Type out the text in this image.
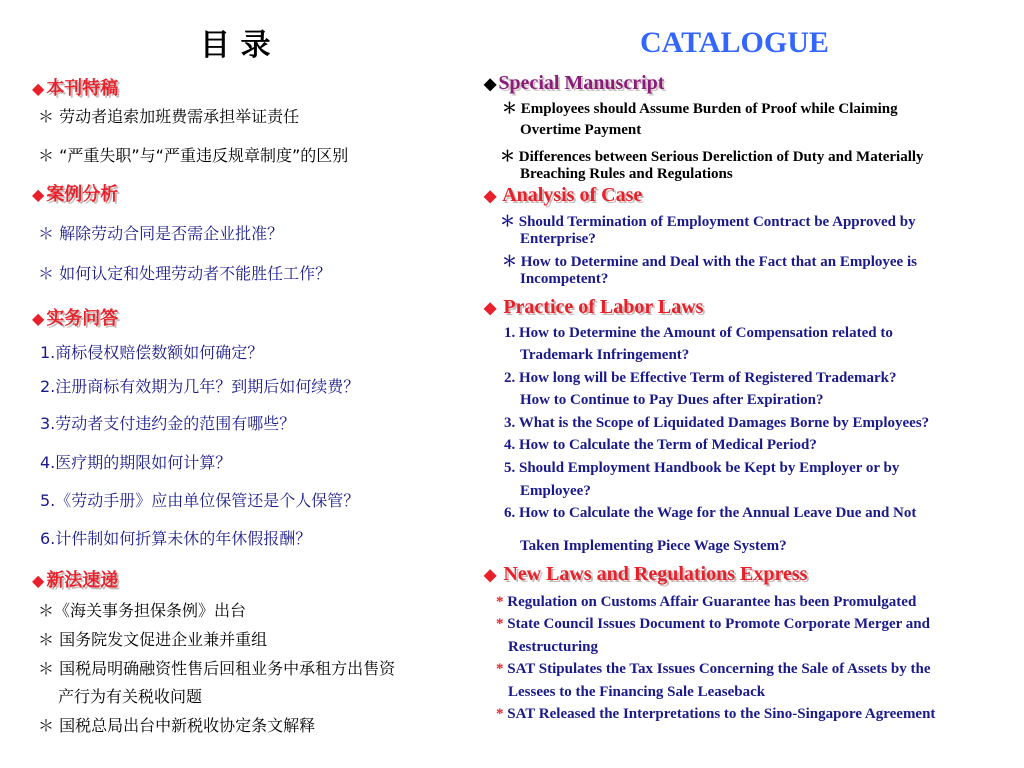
目 录	CATALOGUE
◆ 本刊特稿
＊ 劳动者追索加班费需承担举证责任
＊ “严重失职”与“严重违反规章制度”的区别
◆ 案例分析
＊ 解除劳动合同是否需企业批准？
＊ 如何认定和处理劳动者不能胜任工作？
◆ 实务问答
1.商标侵权赔偿数额如何确定？
2.注册商标有效期为几年？到期后如何续费？
3.劳动者支付违约金的范围有哪些？
4.医疗期的期限如何计算？
5.《劳动手册》应由单位保管还是个人保管？
6.计件制如何折算未休的年休假报酬？
◆ 新法速递
＊《海关事务担保条例》出台
＊ 国务院发文促进企业兼并重组
＊ 国税局明确融资性售后回租业务中承租方出售资
产行为有关税收问题
＊ 国税总局出台中新税收协定条文解释
◆ Special Manuscript
＊ Employees should Assume Burden of Proof while Claiming
Overtime Payment
＊ Differences between Serious Dereliction of Duty and Materially
Breaching Rules and Regulations
◆ Analysis of Case
＊ Should Termination of Employment Contract be Approved by
Enterprise?
＊ How to Determine and Deal with the Fact that an Employee is
Incompetent?
◆ Practice of Labor Laws
1. How to Determine the Amount of Compensation related to
Trademark Infringement?
2. How long will be Effective Term of Registered Trademark?
How to Continue to Pay Dues after Expiration?
3. What is the Scope of Liquidated Damages Borne by Employees?
4. How to Calculate the Term of Medical Period?
5. Should Employment Handbook be Kept by Employer or by
Employee?
6. How to Calculate the Wage for the Annual Leave Due and Not
Taken Implementing Piece Wage System?
◆ New Laws and Regulations Express
* Regulation on Customs Affair Guarantee has been Promulgated
* State Council Issues Document to Promote Corporate Merger and
Restructuring
* SAT Stipulates the Tax Issues Concerning the Sale of Assets by the
Lessees to the Financing Sale Leaseback
* SAT Released the Interpretations to the Sino-Singapore Agreement
